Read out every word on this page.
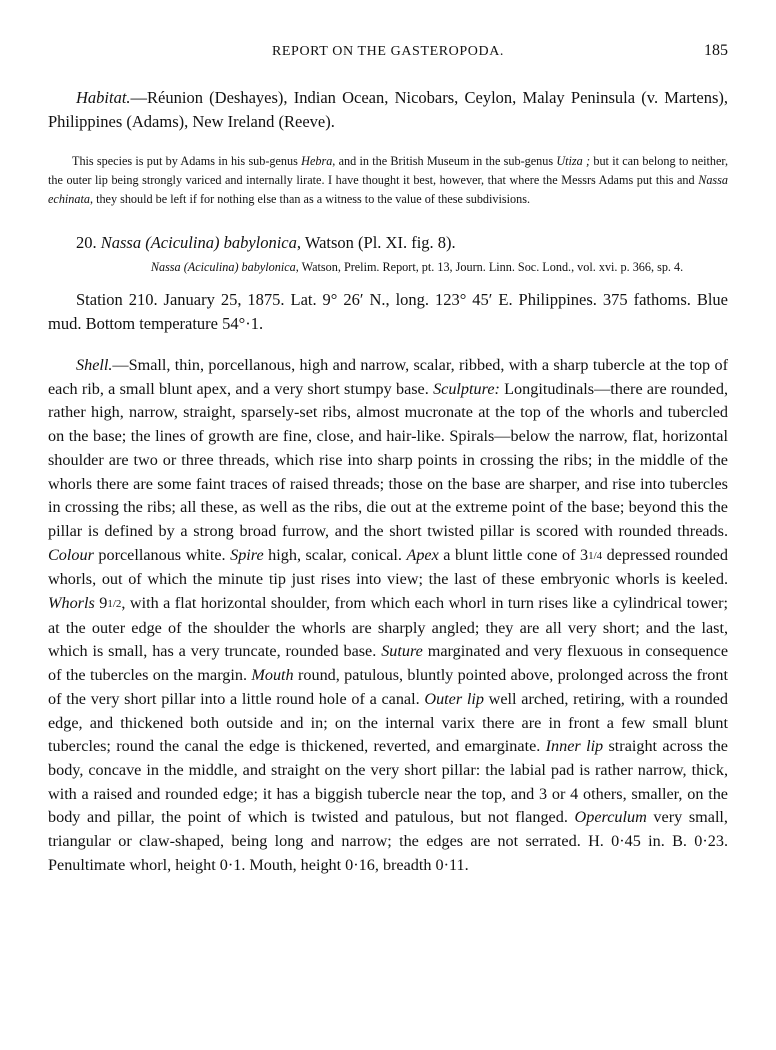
REPORT ON THE GASTEROPODA.	185

Habitat.—Réunion (Deshayes), Indian Ocean, Nicobars, Ceylon, Malay Peninsula (v. Martens), Philippines (Adams), New Ireland (Reeve).

This species is put by Adams in his sub-genus Hebra, and in the British Museum in the sub-genus Utiza ; but it can belong to neither, the outer lip being strongly variced and internally lirate. I have thought it best, however, that where the Messrs Adams put this and Nassa echinata, they should be left if for nothing else than as a witness to the value of these subdivisions.

20. Nassa (Aciculina) babylonica, Watson (Pl. XI. fig. 8).

Nassa (Aciculina) babylonica, Watson, Prelim. Report, pt. 13, Journ. Linn. Soc. Lond., vol. xvi. p. 366, sp. 4.

Station 210. January 25, 1875. Lat. 9° 26′ N., long. 123° 45′ E. Philippines. 375 fathoms. Blue mud. Bottom temperature 54°·1.

Shell.—Small, thin, porcellanous, high and narrow, scalar, ribbed, with a sharp tubercle at the top of each rib, a small blunt apex, and a very short stumpy base. Sculpture: Longitudinals—there are rounded, rather high, narrow, straight, sparsely-set ribs, almost mucronate at the top of the whorls and tubercled on the base; the lines of growth are fine, close, and hair-like. Spirals—below the narrow, flat, horizontal shoulder are two or three threads, which rise into sharp points in crossing the ribs; in the middle of the whorls there are some faint traces of raised threads; those on the base are sharper, and rise into tubercles in crossing the ribs; all these, as well as the ribs, die out at the extreme point of the base; beyond this the pillar is defined by a strong broad furrow, and the short twisted pillar is scored with rounded threads. Colour porcellanous white. Spire high, scalar, conical. Apex a blunt little cone of 31/4 depressed rounded whorls, out of which the minute tip just rises into view; the last of these embryonic whorls is keeled. Whorls 91/2, with a flat horizontal shoulder, from which each whorl in turn rises like a cylindrical tower; at the outer edge of the shoulder the whorls are sharply angled; they are all very short; and the last, which is small, has a very truncate, rounded base. Suture marginated and very flexuous in consequence of the tubercles on the margin. Mouth round, patulous, bluntly pointed above, prolonged across the front of the very short pillar into a little round hole of a canal. Outer lip well arched, retiring, with a rounded edge, and thickened both outside and in; on the internal varix there are in front a few small blunt tubercles; round the canal the edge is thickened, reverted, and emarginate. Inner lip straight across the body, concave in the middle, and straight on the very short pillar: the labial pad is rather narrow, thick, with a raised and rounded edge; it has a biggish tubercle near the top, and 3 or 4 others, smaller, on the body and pillar, the point of which is twisted and patulous, but not flanged. Operculum very small, triangular or claw-shaped, being long and narrow; the edges are not serrated. H. 0·45 in. B. 0·23. Penultimate whorl, height 0·1. Mouth, height 0·16, breadth 0·11.
